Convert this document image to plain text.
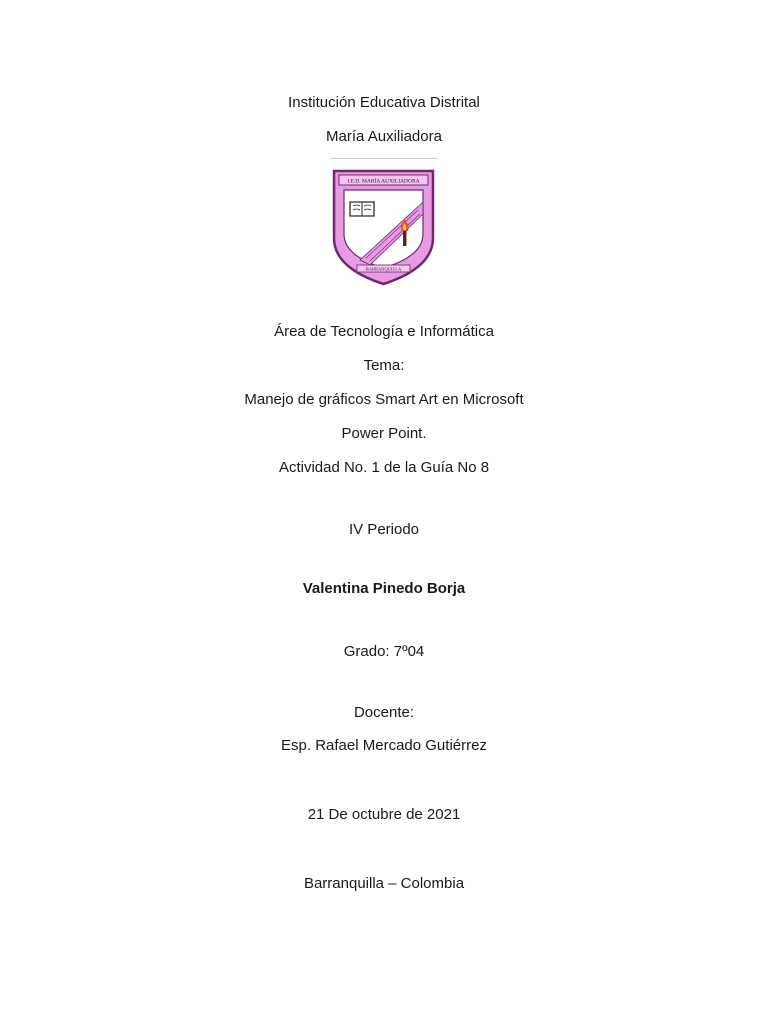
Institución Educativa Distrital
María Auxiliadora
I.E.D. MARÍA AUXILIADORA
BARRANQUILLA
Área de Tecnología e Informática
Tema:
Manejo de gráficos Smart Art en Microsoft
Power Point.
Actividad No. 1 de la Guía No 8
IV Periodo
Valentina Pinedo Borja
Grado: 7º04
Docente:
Esp. Rafael Mercado Gutiérrez
21 De octubre de 2021
Barranquilla – Colombia
